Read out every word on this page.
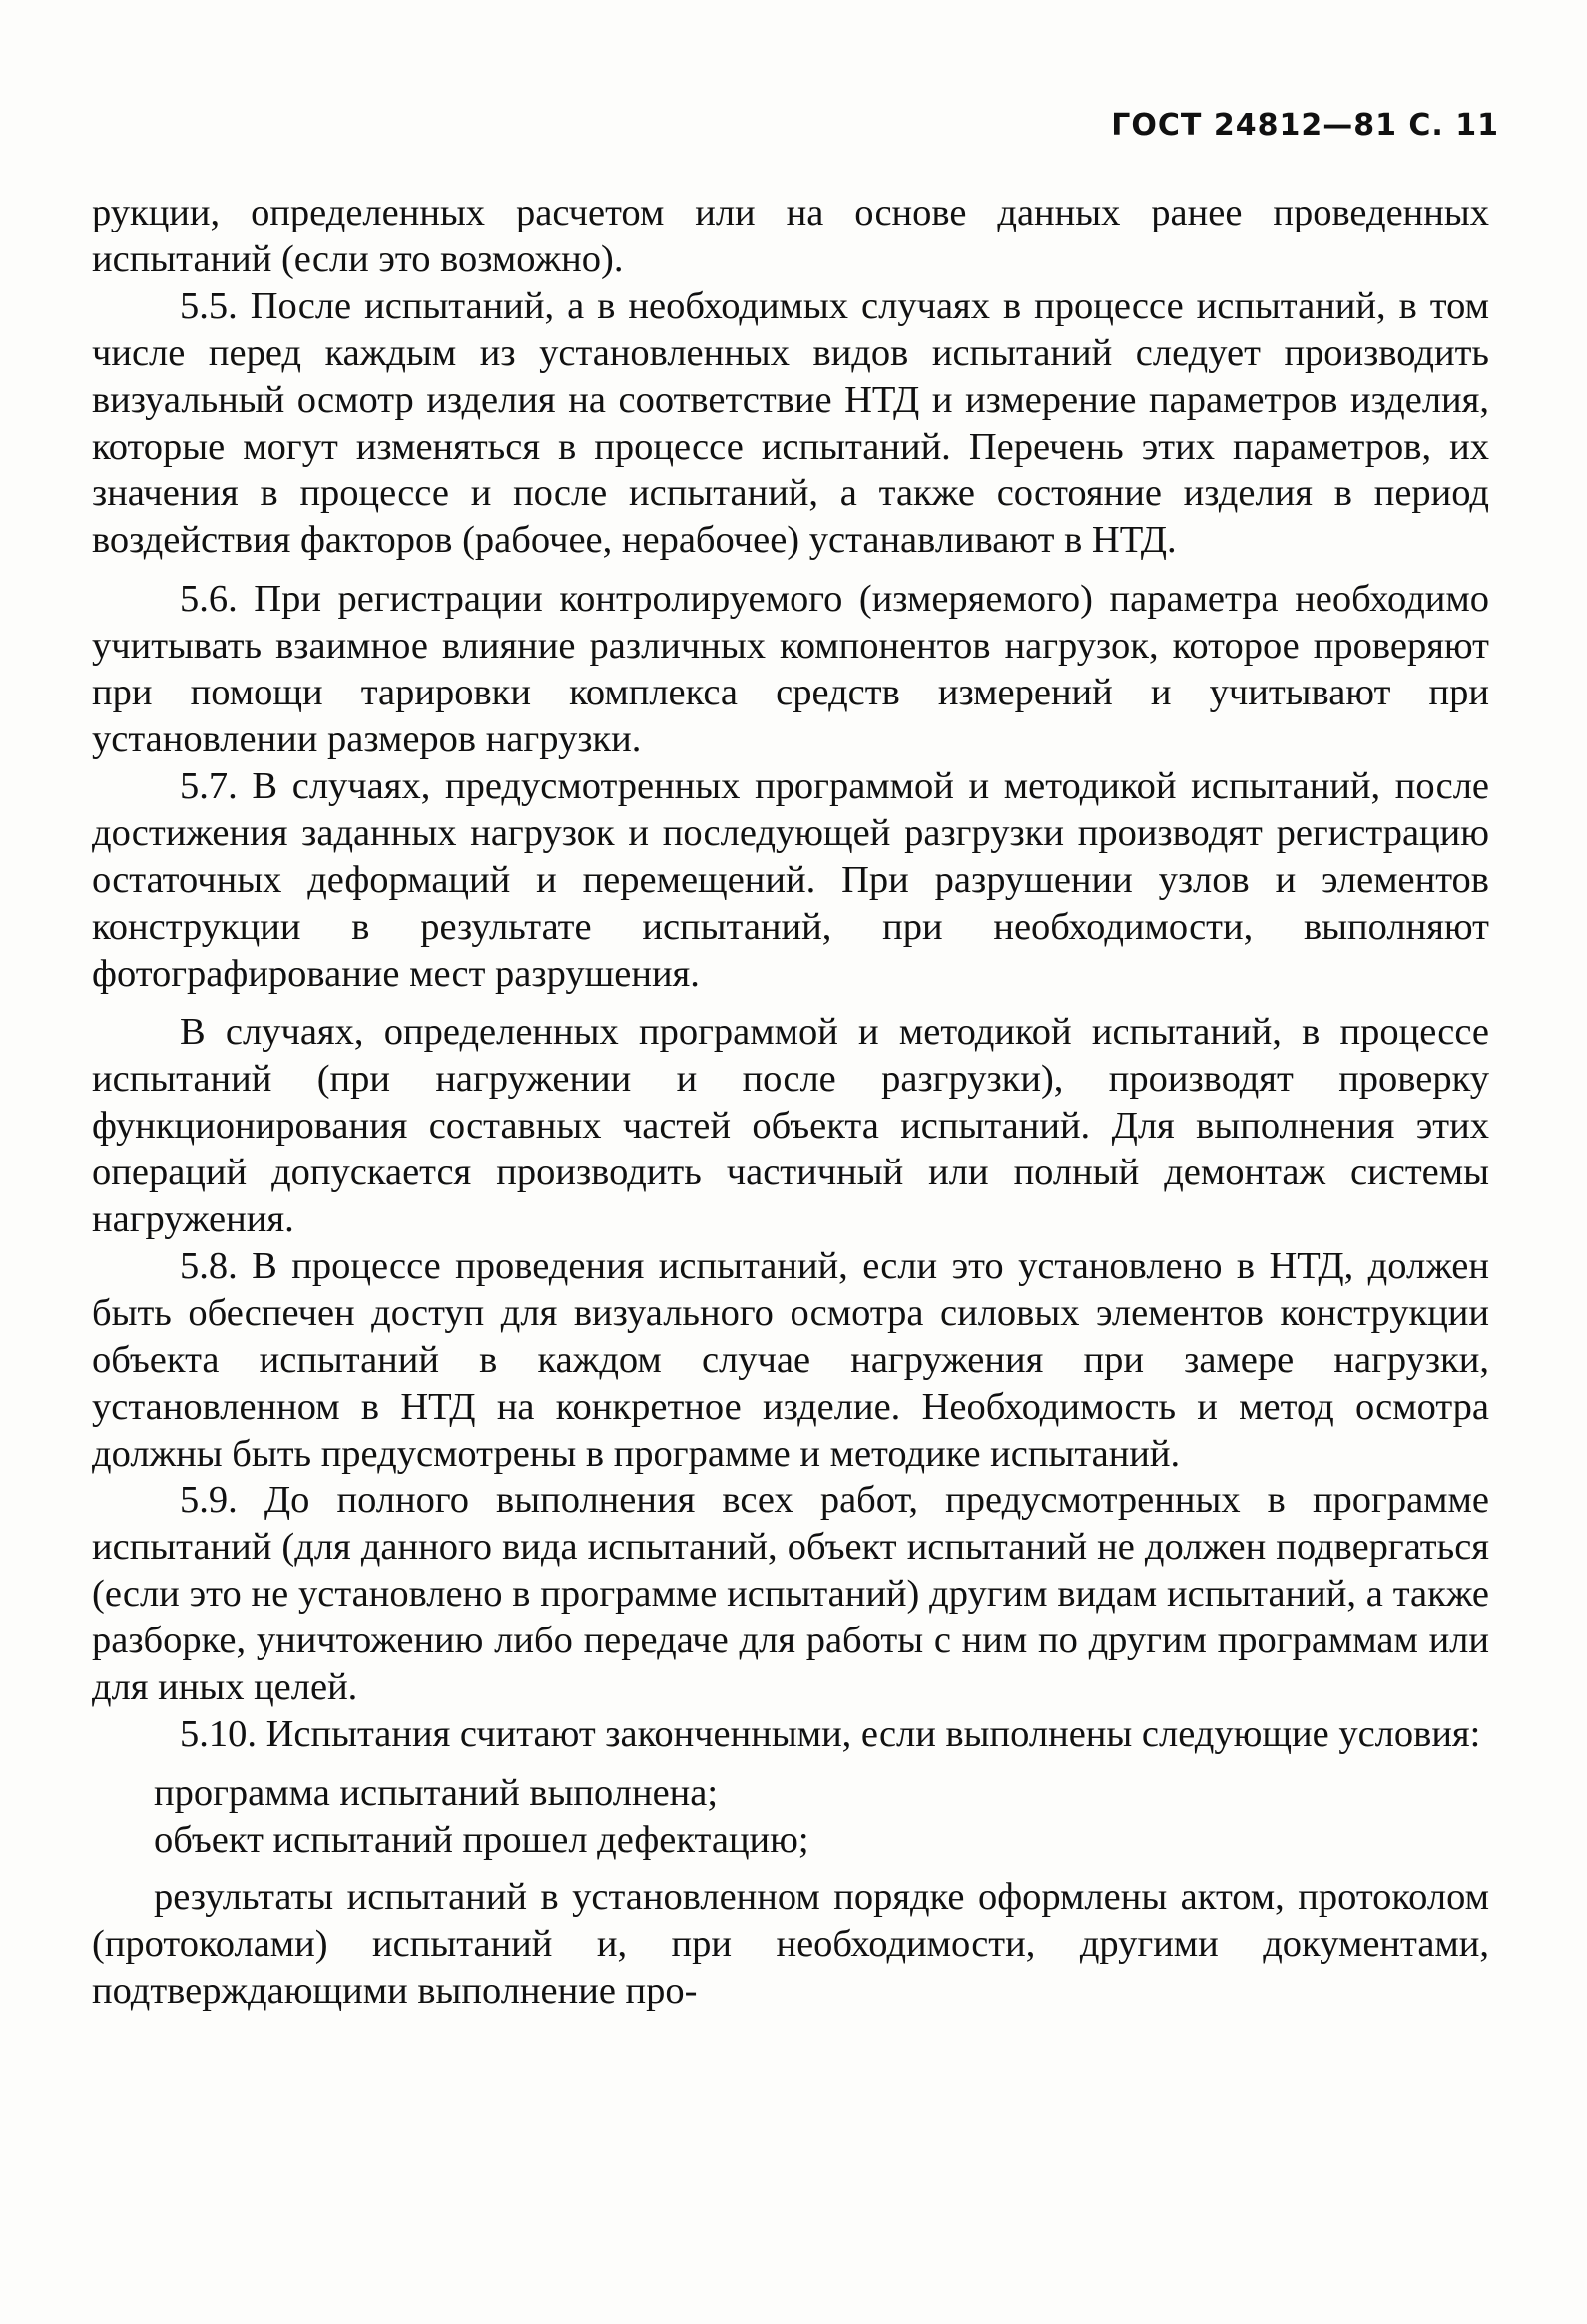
ГОСТ 24812—81 С. 11

рукции, определенных расчетом или на основе данных ранее проведенных испытаний (если это возможно).

5.5. После испытаний, а в необходимых случаях в процессе испытаний, в том числе перед каждым из установленных видов испытаний следует производить визуальный осмотр изделия на соответствие НТД и измерение параметров изделия, которые могут изменяться в процессе испытаний. Перечень этих параметров, их значения в процессе и после испытаний, а также состояние изделия в период воздействия факторов (рабочее, нерабочее) устанавливают в НТД.

5.6. При регистрации контролируемого (измеряемого) параметра необходимо учитывать взаимное влияние различных компонентов нагрузок, которое проверяют при помощи тарировки комплекса средств измерений и учитывают при установлении размеров нагрузки.

5.7. В случаях, предусмотренных программой и методикой испытаний, после достижения заданных нагрузок и последующей разгрузки производят регистрацию остаточных деформаций и перемещений. При разрушении узлов и элементов конструкции в результате испытаний, при необходимости, выполняют фотографирование мест разрушения.

В случаях, определенных программой и методикой испытаний, в процессе испытаний (при нагружении и после разгрузки), производят проверку функционирования составных частей объекта испытаний. Для выполнения этих операций допускается производить частичный или полный демонтаж системы нагружения.

5.8. В процессе проведения испытаний, если это установлено в НТД, должен быть обеспечен доступ для визуального осмотра силовых элементов конструкции объекта испытаний в каждом случае нагружения при замере нагрузки, установленном в НТД на конкретное изделие. Необходимость и метод осмотра должны быть предусмотрены в программе и методике испытаний.

5.9. До полного выполнения всех работ, предусмотренных в программе испытаний (для данного вида испытаний, объект испытаний не должен подвергаться (если это не установлено в программе испытаний) другим видам испытаний, а также разборке, уничтожению либо передаче для работы с ним по другим программам или для иных целей.

5.10. Испытания считают законченными, если выполнены следующие условия:

программа испытаний выполнена;
объект испытаний прошел дефектацию;
результаты испытаний в установленном порядке оформлены актом, протоколом (протоколами) испытаний и, при необходимости, другими документами, подтверждающими выполнение про-
